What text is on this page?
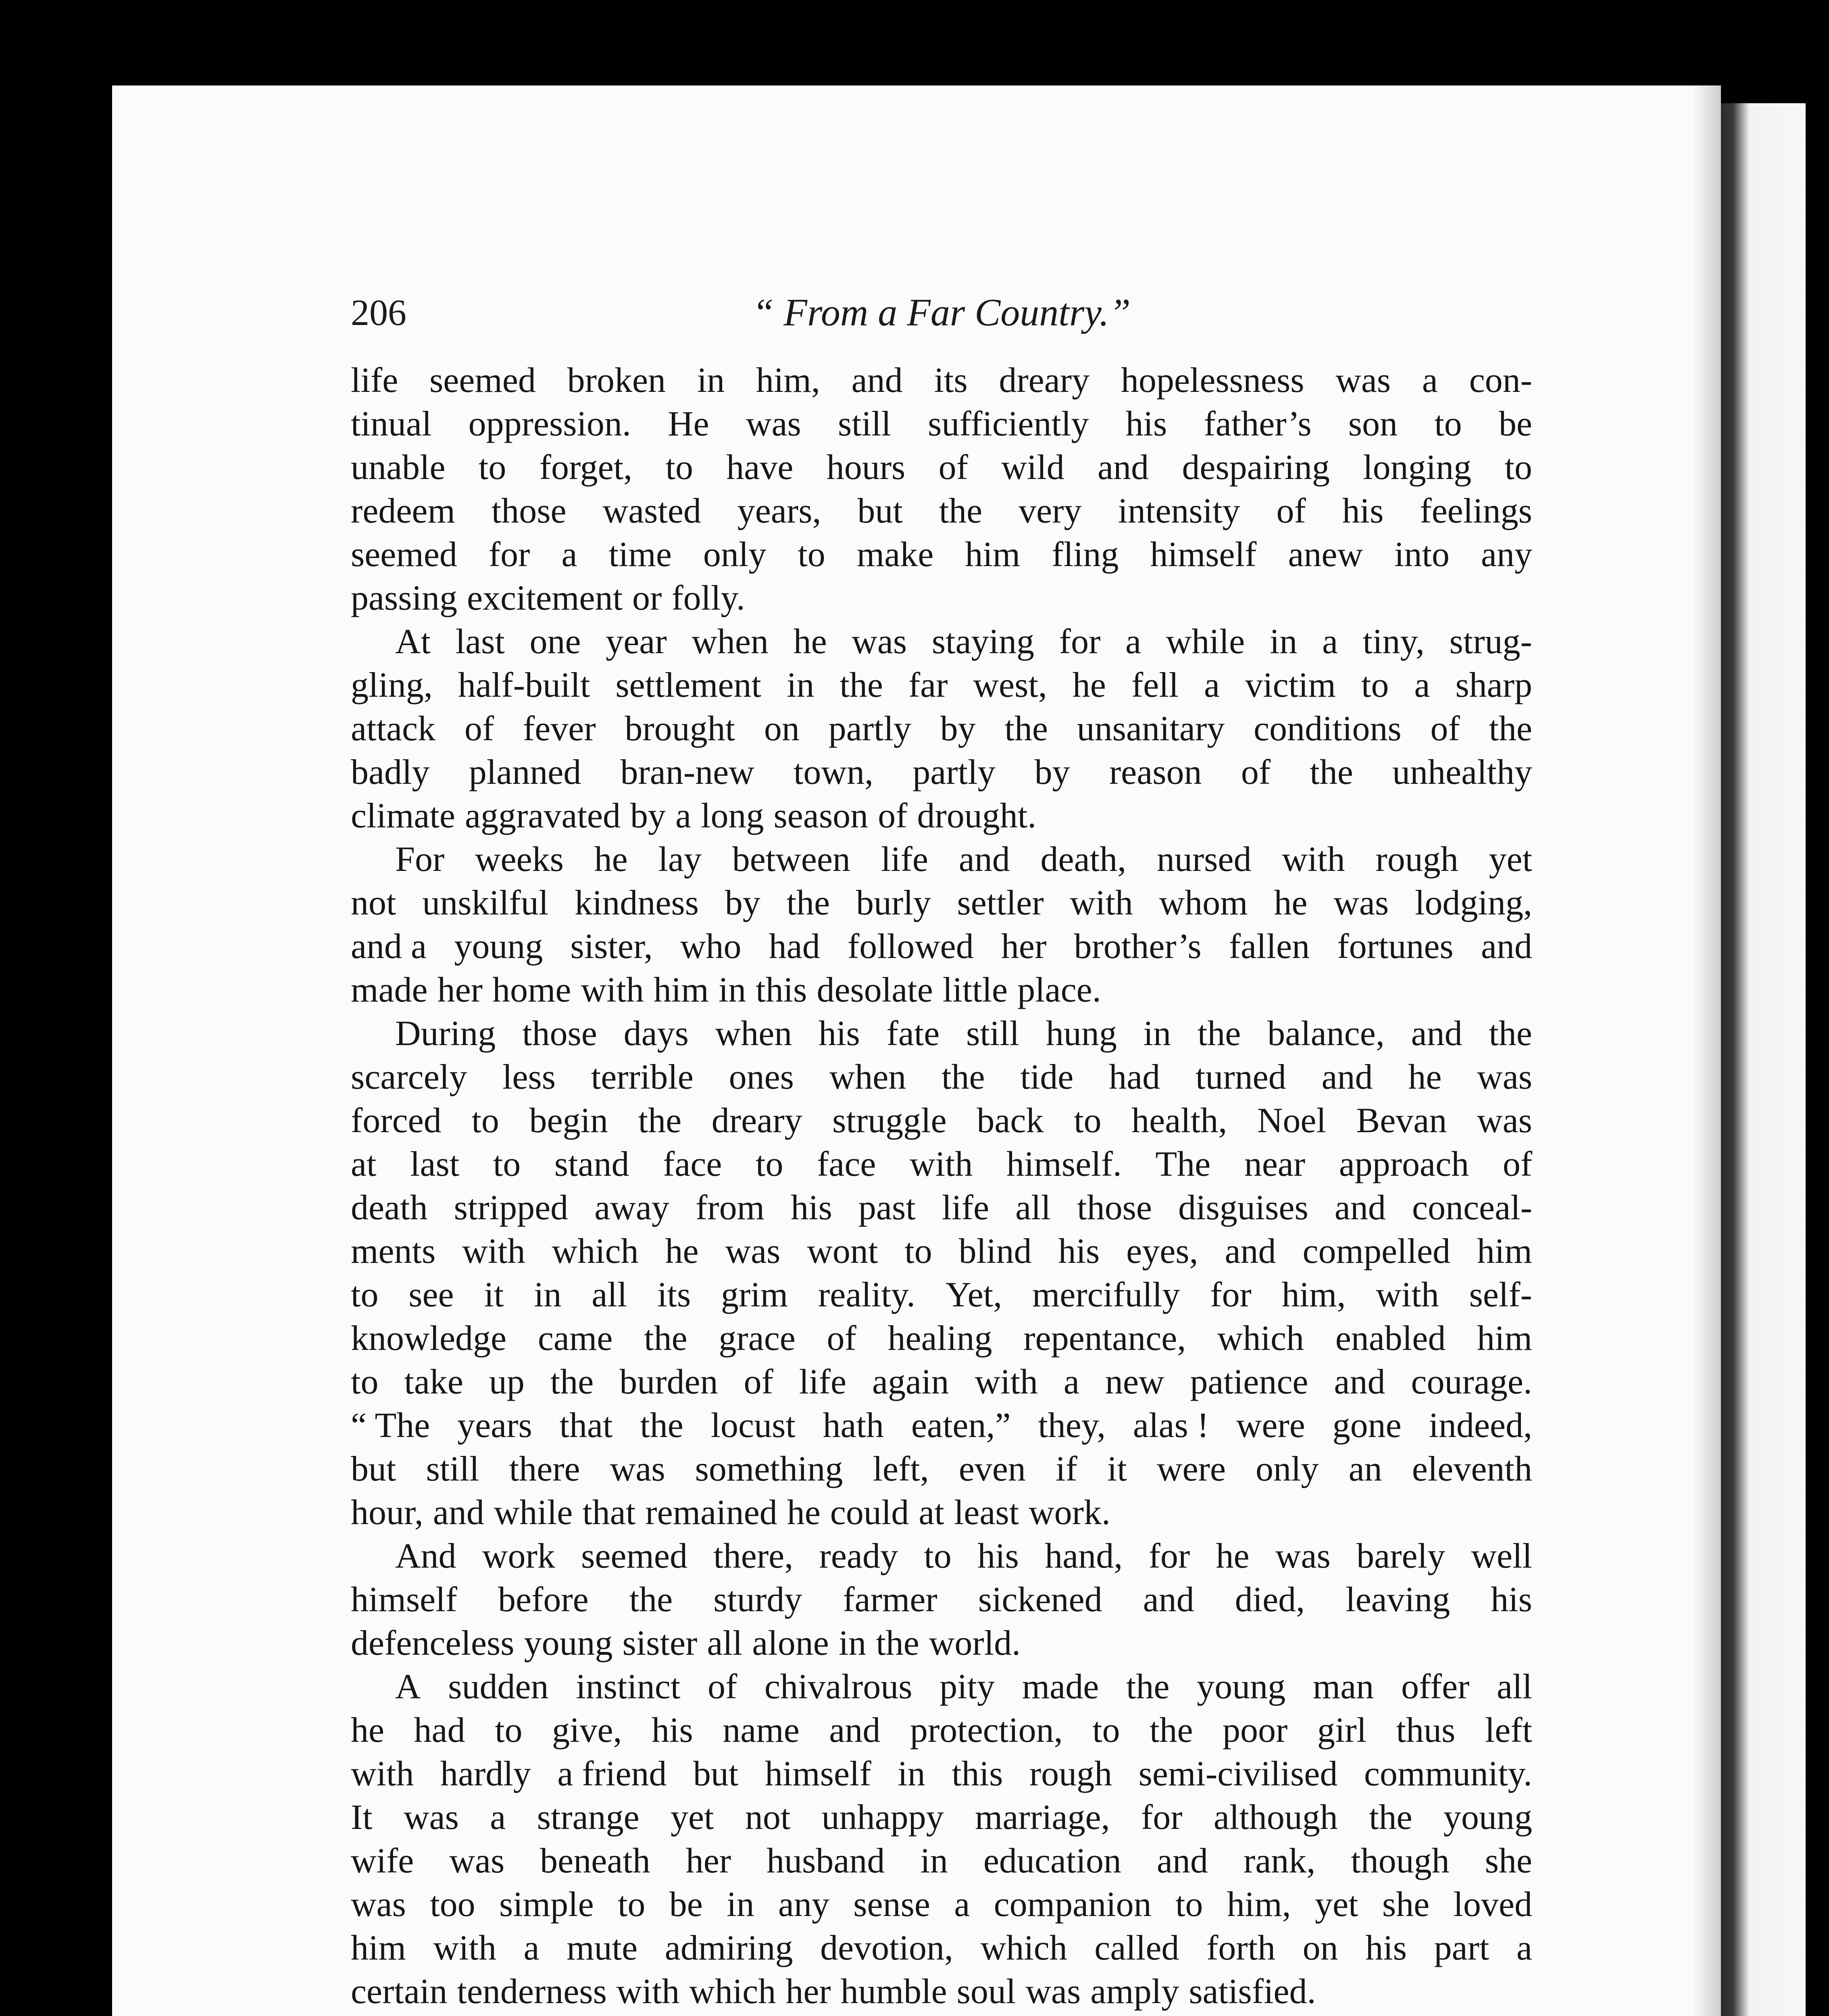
206	“ From a Far Country.”
life seemed broken in him, and its dreary hopelessness was a con-
tinual oppression. He was still sufficiently his father’s son to be
unable to forget, to have hours of wild and despairing longing to
redeem those wasted years, but the very intensity of his feelings
seemed for a time only to make him fling himself anew into any
passing excitement or folly.
At last one year when he was staying for a while in a tiny, strug-
gling, half-built settlement in the far west, he fell a victim to a sharp
attack of fever brought on partly by the unsanitary conditions of the
badly planned bran-new town, partly by reason of the unhealthy
climate aggravated by a long season of drought.
For weeks he lay between life and death, nursed with rough yet
not unskilful kindness by the burly settler with whom he was lodging,
and a young sister, who had followed her brother’s fallen fortunes and
made her home with him in this desolate little place.
During those days when his fate still hung in the balance, and the
scarcely less terrible ones when the tide had turned and he was
forced to begin the dreary struggle back to health, Noel Bevan was
at last to stand face to face with himself. The near approach of
death stripped away from his past life all those disguises and conceal-
ments with which he was wont to blind his eyes, and compelled him
to see it in all its grim reality. Yet, mercifully for him, with self-
knowledge came the grace of healing repentance, which enabled him
to take up the burden of life again with a new patience and courage.
“ The years that the locust hath eaten,” they, alas ! were gone indeed,
but still there was something left, even if it were only an eleventh
hour, and while that remained he could at least work.
And work seemed there, ready to his hand, for he was barely well
himself before the sturdy farmer sickened and died, leaving his
defenceless young sister all alone in the world.
A sudden instinct of chivalrous pity made the young man offer all
he had to give, his name and protection, to the poor girl thus left
with hardly a friend but himself in this rough semi-civilised community.
It was a strange yet not unhappy marriage, for although the young
wife was beneath her husband in education and rank, though she
was too simple to be in any sense a companion to him, yet she loved
him with a mute admiring devotion, which called forth on his part a
certain tenderness with which her humble soul was amply satisfied.
